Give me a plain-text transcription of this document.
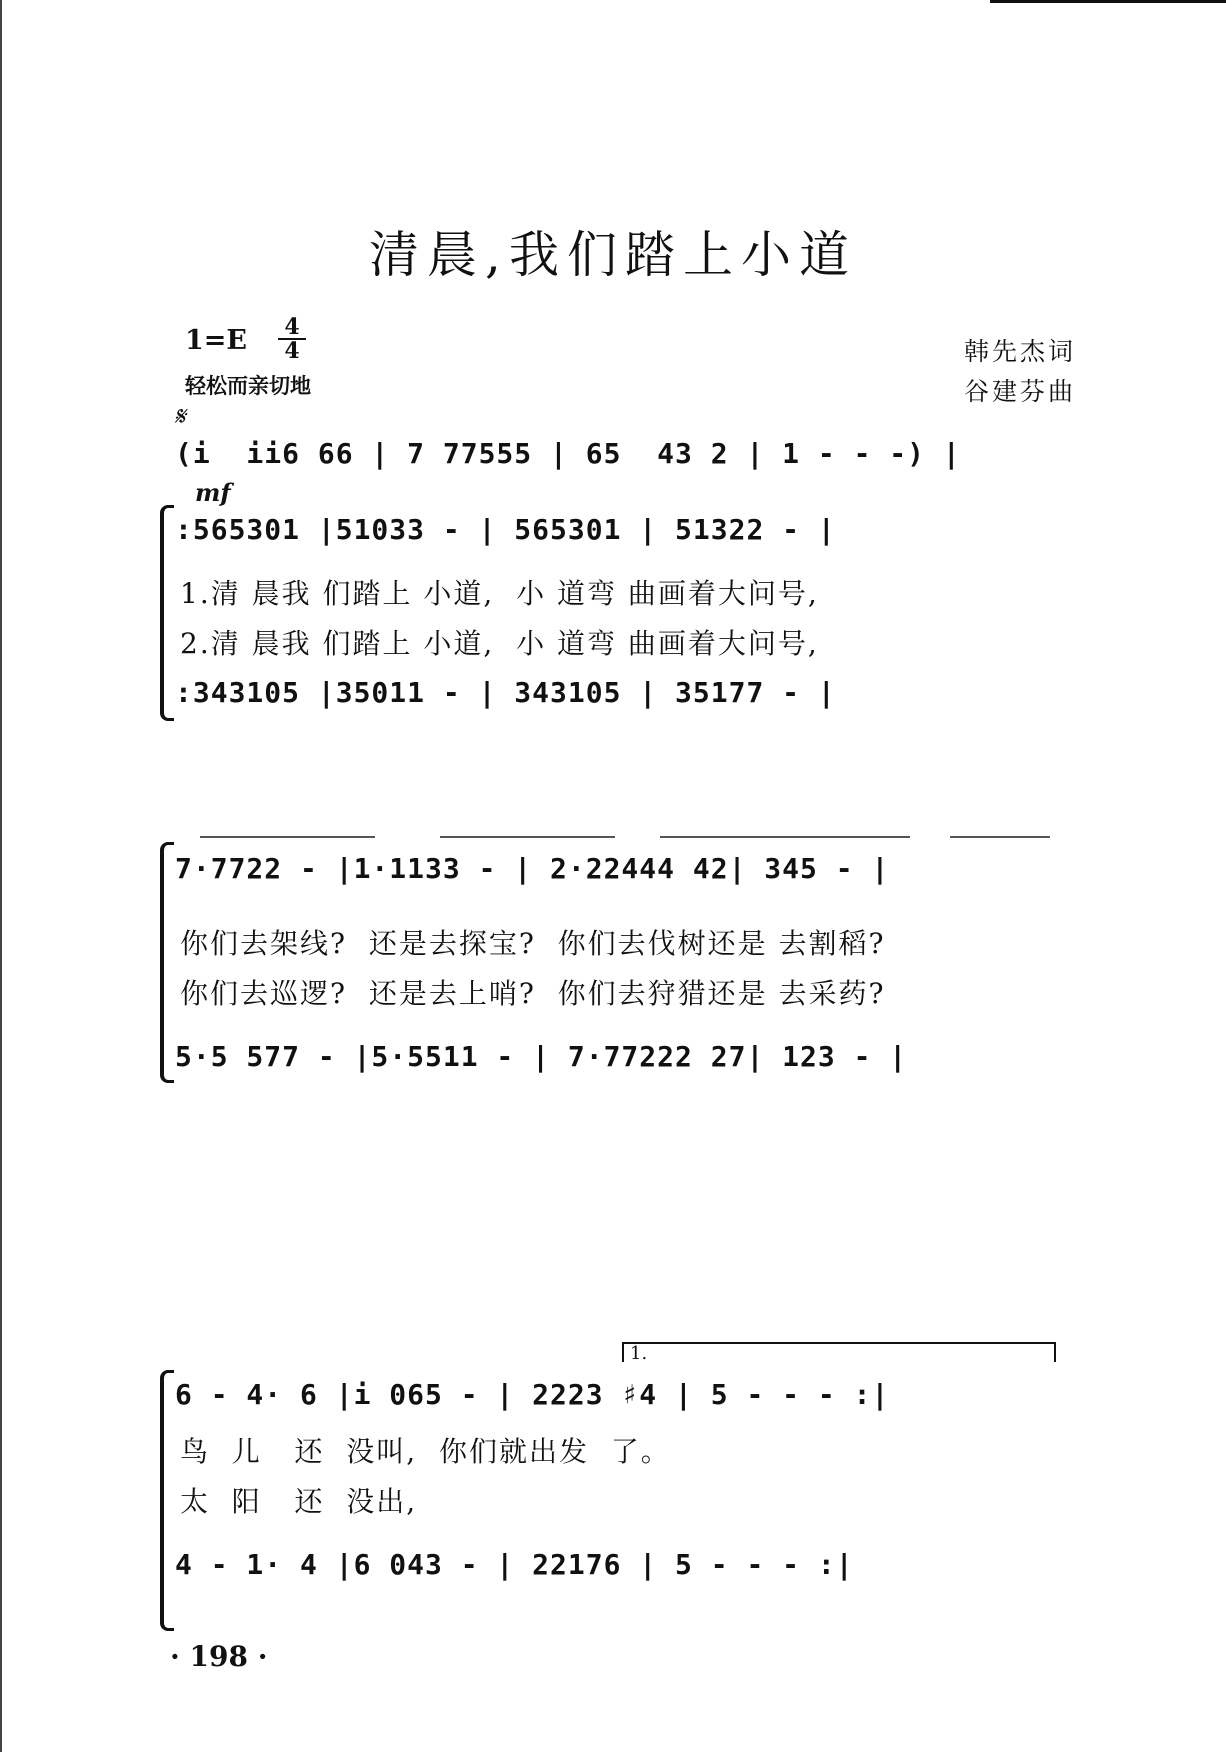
清晨,我们踏上小道
1=E 4
4
轻松而亲切地
韩先杰词
谷建芬曲
𝄋
(i  ii6 66 | 7 77555 | 65  43 2 | 1 - - -) |
mf
:565301 |51033 - | 565301 | 51322 - |
1.清 晨我 们踏上 小道,  小 道弯 曲画着大问号,
2.清 晨我 们踏上 小道,  小 道弯 曲画着大问号,
:343105 |35011 - | 343105 | 35177 - |
7·7722 - |1·1133 - | 2·22444 42| 345 - |
你们去架线?  还是去探宝?  你们去伐树还是 去割稻?
你们去巡逻?  还是去上哨?  你们去狩猎还是 去采药?
5·5 577 - |5·5511 - | 7·77222 27| 123 - |
1.
6 - 4· 6 |i 065 - | 2223 ♯4 | 5 - - - :|
鸟  儿   还  没叫,  你们就出发  了。
太  阳   还  没出,
4 - 1· 4 |6 043 - | 22176 | 5 - - - :|
· 198 ·
